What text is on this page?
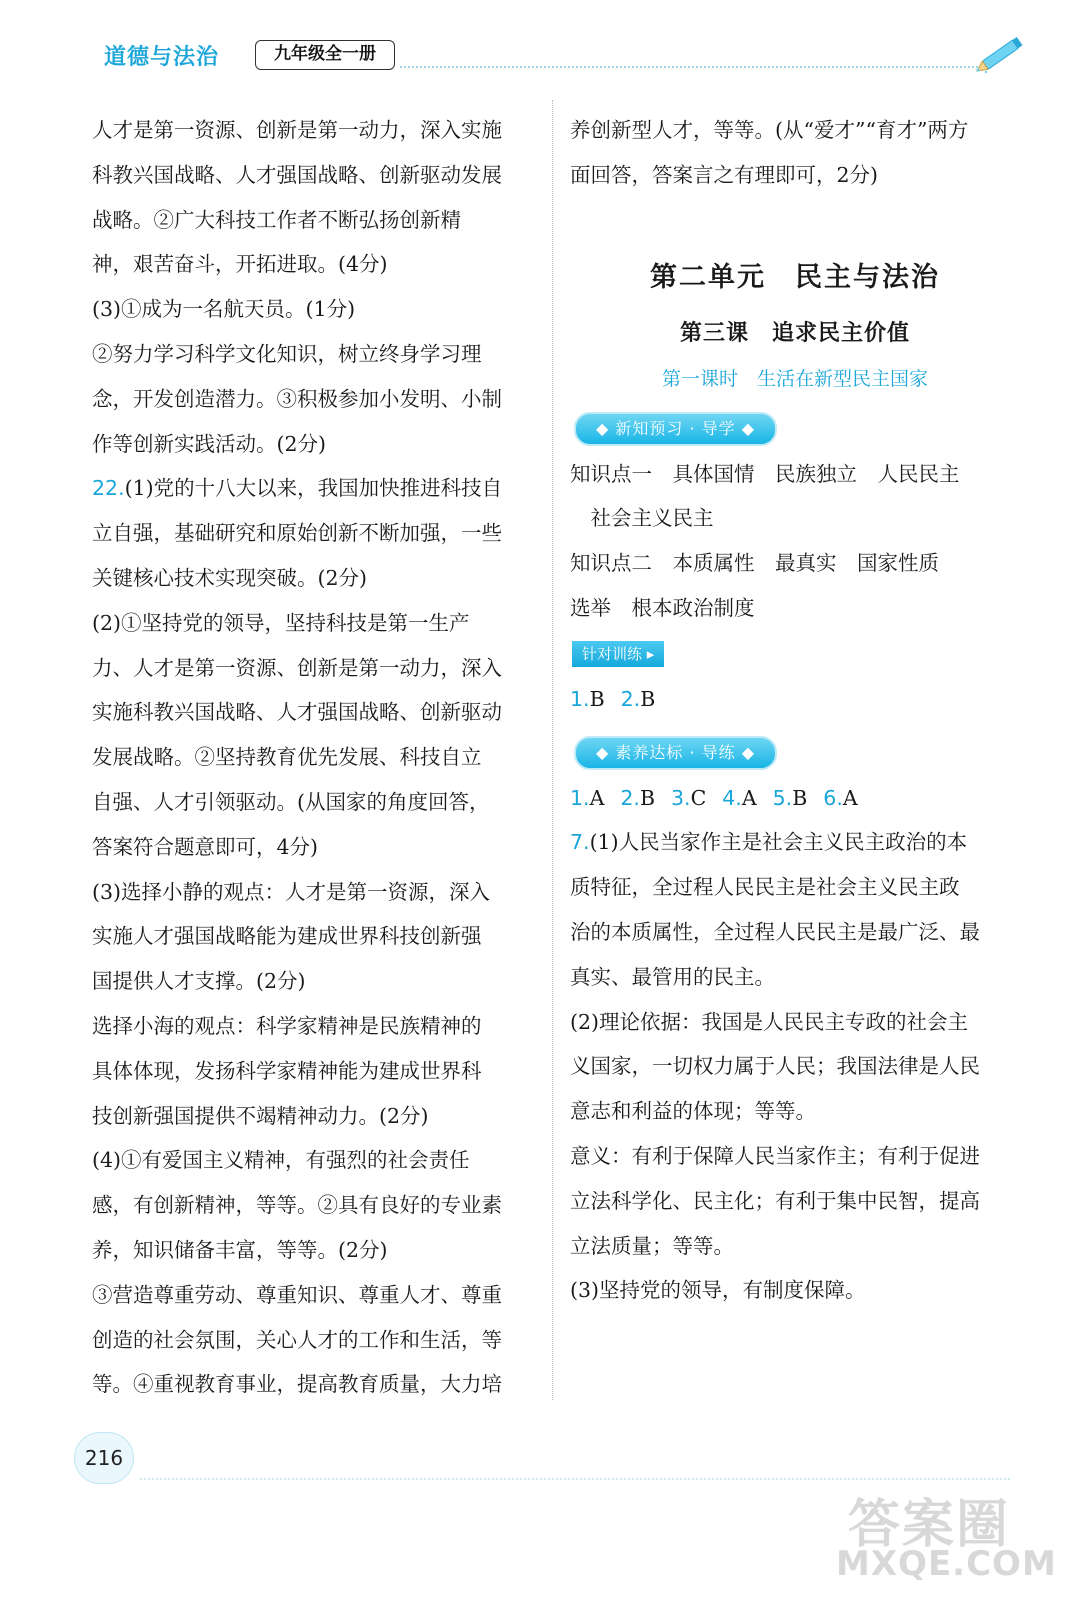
道德与法治	九年级全一册

人才是第一资源、创新是第一动力，深入实施

科教兴国战略、人才强国战略、创新驱动发展

战略。②广大科技工作者不断弘扬创新精

神，艰苦奋斗，开拓进取。(4分)

(3)①成为一名航天员。(1分)

②努力学习科学文化知识，树立终身学习理

念，开发创造潜力。③积极参加小发明、小制

作等创新实践活动。(2分)

22.(1)党的十八大以来，我国加快推进科技自

立自强，基础研究和原始创新不断加强，一些

关键核心技术实现突破。(2分)

(2)①坚持党的领导，坚持科技是第一生产

力、人才是第一资源、创新是第一动力，深入

实施科教兴国战略、人才强国战略、创新驱动

发展战略。②坚持教育优先发展、科技自立

自强、人才引领驱动。(从国家的角度回答，

答案符合题意即可，4分)

(3)选择小静的观点：人才是第一资源，深入

实施人才强国战略能为建成世界科技创新强

国提供人才支撑。(2分)

选择小海的观点：科学家精神是民族精神的

具体体现，发扬科学家精神能为建成世界科

技创新强国提供不竭精神动力。(2分)

(4)①有爱国主义精神，有强烈的社会责任

感，有创新精神，等等。②具有良好的专业素

养，知识储备丰富，等等。(2分)

③营造尊重劳动、尊重知识、尊重人才、尊重

创造的社会氛围，关心人才的工作和生活，等

等。④重视教育事业，提高教育质量，大力培

养创新型人才，等等。(从“爱才”“育才”两方

面回答，答案言之有理即可，2分)

第二单元　民主与法治
第三课　追求民主价值
第一课时　生活在新型民主国家
◆ 新知预习 · 导学 ◆

知识点一　具体国情　民族独立　人民民主

　社会主义民主

知识点二　本质属性　最真实　国家性质

选举　根本政治制度

针对训练 ▸

1.B 2.B

◆ 素养达标 · 导练 ◆

1.A 2.B 3.C 4.A 5.B 6.A

7.(1)人民当家作主是社会主义民主政治的本

质特征，全过程人民民主是社会主义民主政

治的本质属性，全过程人民民主是最广泛、最

真实、最管用的民主。

(2)理论依据：我国是人民民主专政的社会主

义国家，一切权力属于人民；我国法律是人民

意志和利益的体现；等等。

意义：有利于保障人民当家作主；有利于促进

立法科学化、民主化；有利于集中民智，提高

立法质量；等等。

(3)坚持党的领导，有制度保障。

216
答案圈
MXQE.COM
